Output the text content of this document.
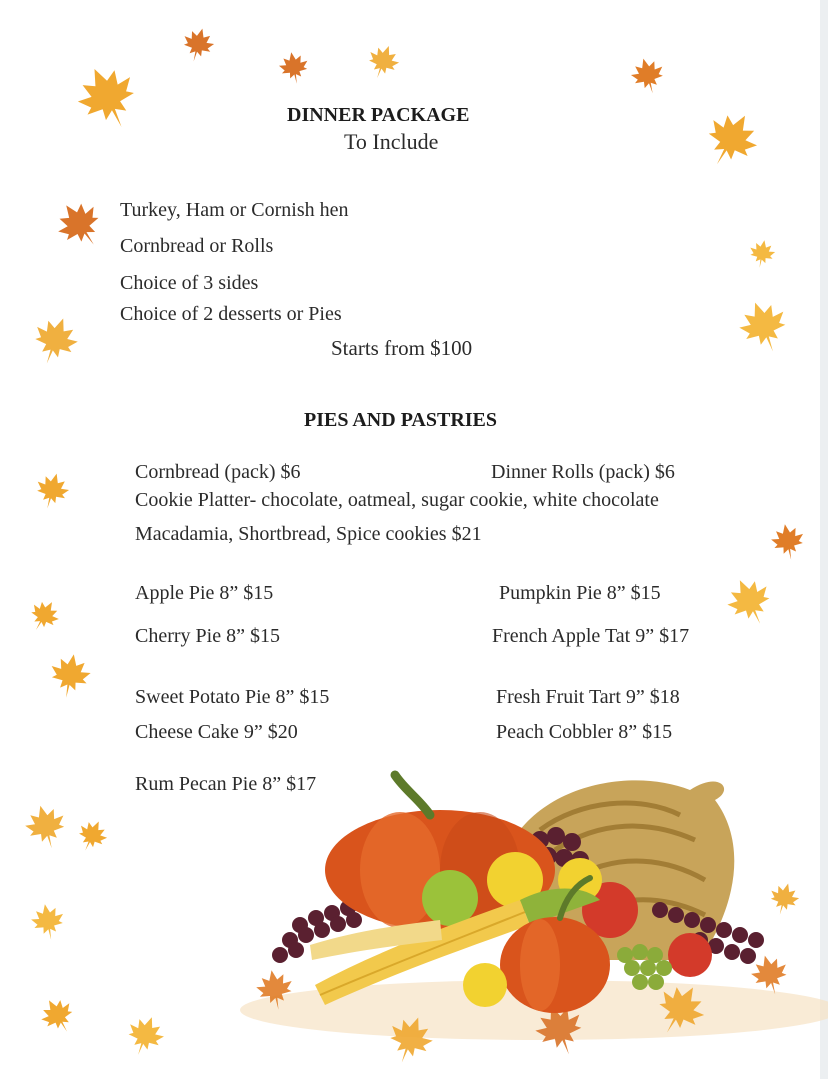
DINNER PACKAGE
To Include
Turkey, Ham or Cornish hen
Cornbread or Rolls
Choice of 3 sides
Choice of 2 desserts or Pies
Starts from $100
PIES AND PASTRIES
Cornbread (pack) $6	Dinner Rolls (pack) $6
Cookie Platter- chocolate, oatmeal, sugar cookie, white chocolate
Macadamia, Shortbread, Spice cookies $21
Apple Pie 8” $15
Cherry Pie 8” $15
Sweet Potato Pie 8” $15
Cheese Cake 9” $20
Rum Pecan Pie 8” $17
Pumpkin Pie 8” $15
French Apple Tat 9” $17
Fresh Fruit Tart 9” $18
Peach Cobbler 8” $15
